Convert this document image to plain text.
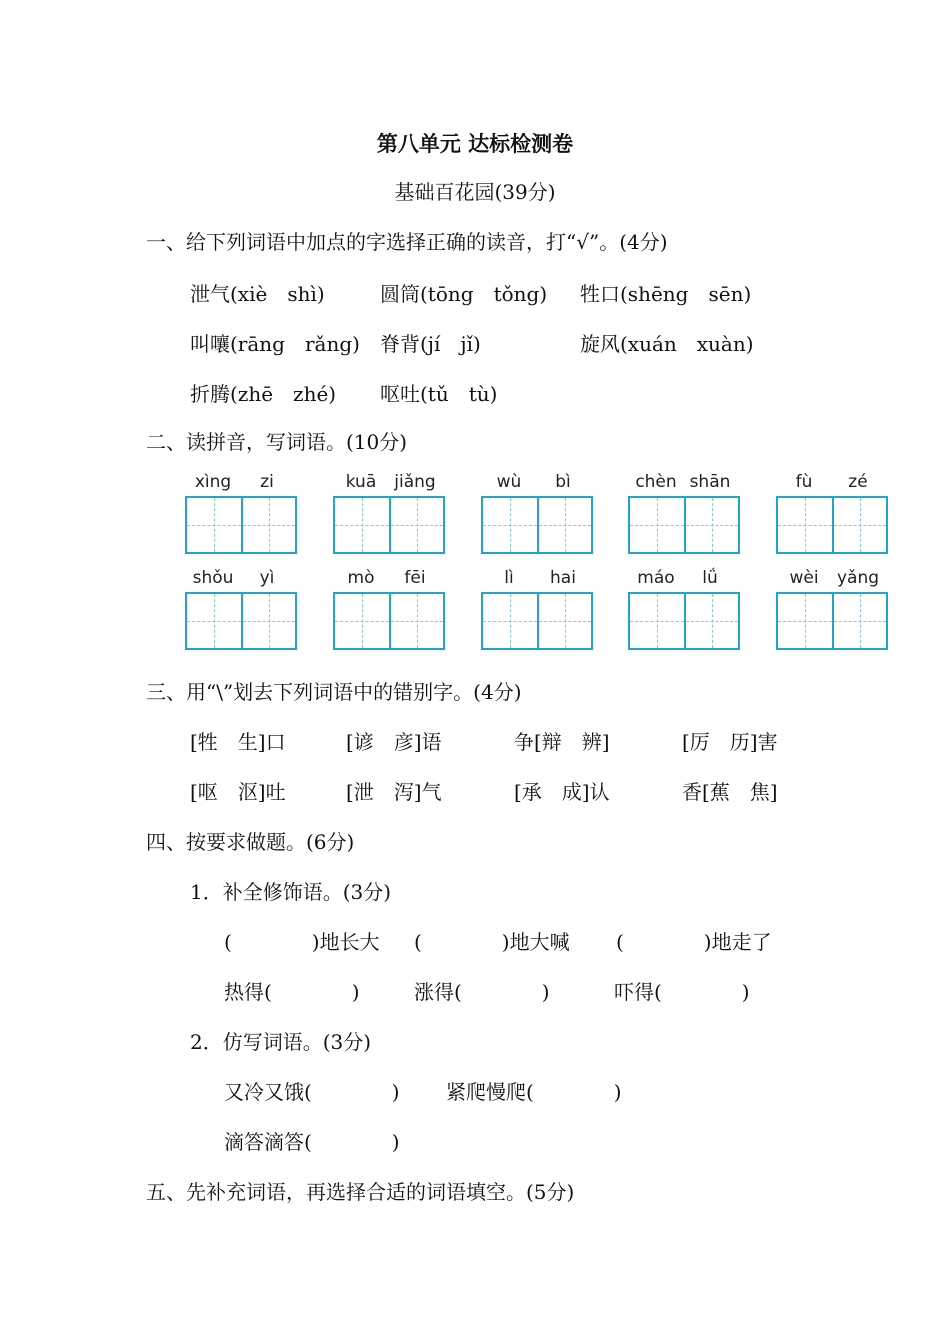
第八单元 达标检测卷
基础百花园(39分)
一、给下列词语中加点的字选择正确的读音，打“√”。(4分)
泄气(xiè　shì)	圆筒(tōng　tǒng) 牲口(shēng　sēn)
叫嚷(rāng　rǎng) 脊背(jí　jǐ)	旋风(xuán　xuàn)
折腾(zhē　zhé) 呕吐(tǔ　tù)
二、读拼音，写词语。(10分)
xìng	zi	kuā	jiǎng	wù	bì	chèn shān	fù	zé
shǒu	yì	mò	fēi	lì	hai	máo	lǘ	wèi	yǎng
三、用“\”划去下列词语中的错别字。(4分)
[牲　生]口	[谚　彦]语	争[辩　辨]	[厉　历]害
[呕　沤]吐	[泄　泻]气	[承　成]认	香[蕉　焦]
四、按要求做题。(6分)
1．补全修饰语。(3分)
(　　　　)地长大 (　　　　)地大喊 (　　　　)地走了
热得(　　　　)	涨得(　　　　)	吓得(　　　　)
2．仿写词语。(3分)
又冷又饿(　　　　) 紧爬慢爬(　　　　)
滴答滴答(　　　　)
五、先补充词语，再选择合适的词语填空。(5分)
